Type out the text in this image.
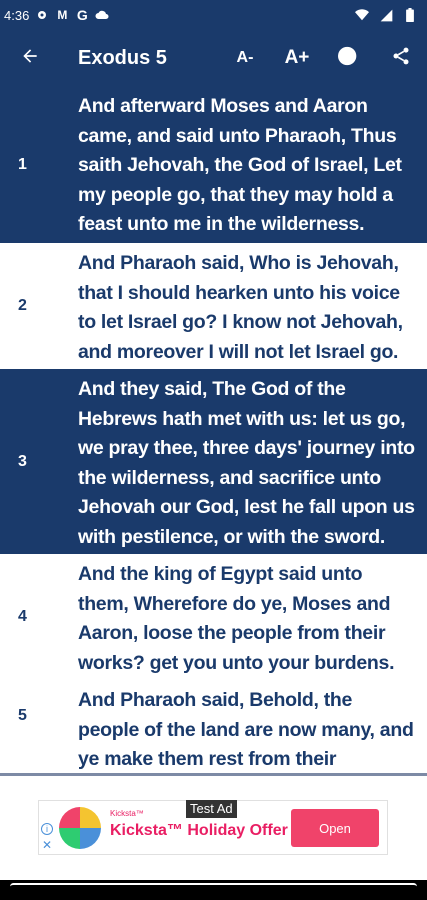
4:36 M G
Exodus 5	A-	A+
1
And afterward Moses and Aaron came, and said unto Pharaoh, Thus saith Jehovah, the God of Israel, Let my people go, that they may hold a feast unto me in the wilderness.
2
And Pharaoh said, Who is Jehovah, that I should hearken unto his voice to let Israel go? I know not Jehovah, and moreover I will not let Israel go.
3
And they said, The God of the Hebrews hath met with us: let us go, we pray thee, three days' journey into the wilderness, and sacrifice unto Jehovah our God, lest he fall upon us with pestilence, or with the sword.
4
And the king of Egypt said unto them, Wherefore do ye, Moses and Aaron, loose the people from their works? get you unto your burdens.
5
And Pharaoh said, Behold, the people of the land are now many, and ye make them rest from their
Test Ad
i
✕
Kicksta™
Kicksta™ Holiday Offer	Open
